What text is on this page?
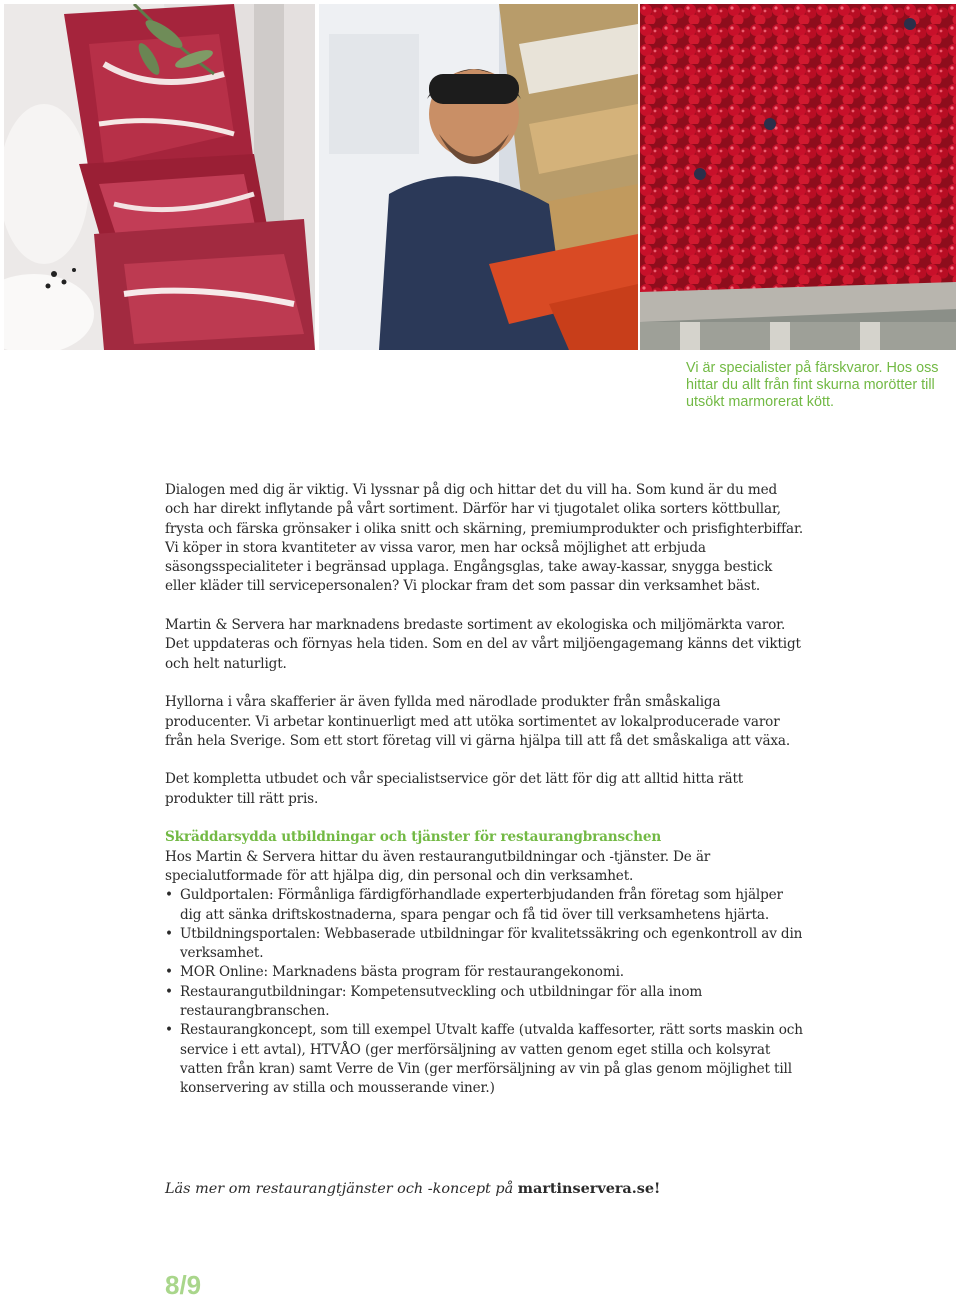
Vi är specialister på färskvaror. Hos oss hittar du allt från fint skurna morötter till utsökt marmorerat kött.

Dialogen med dig är viktig. Vi lyssnar på dig och hittar det du vill ha. Som kund är du med och har direkt inflytande på vårt sortiment. Därför har vi tjugotalet olika sorters köttbullar, frysta och färska grönsaker i olika snitt och skärning, premiumprodukter och prisfighterbiffar. Vi köper in stora kvantiteter av vissa varor, men har också möjlighet att erbjuda säsongsspecialiteter i begränsad upplaga. Engångsglas, take away-kassar, snygga bestick eller kläder till servicepersonalen? Vi plockar fram det som passar din verksamhet bäst.

Martin & Servera har marknadens bredaste sortiment av ekologiska och miljömärkta varor. Det uppdateras och förnyas hela tiden. Som en del av vårt miljöengagemang känns det viktigt och helt naturligt.

Hyllorna i våra skafferier är även fyllda med närodlade produkter från småskaliga producenter. Vi arbetar kontinuerligt med att utöka sortimentet av lokalproducerade varor från hela Sverige. Som ett stort företag vill vi gärna hjälpa till att få det småskaliga att växa.

Det kompletta utbudet och vår specialistservice gör det lätt för dig att alltid hitta rätt produkter till rätt pris.

Skräddarsydda utbildningar och tjänster för restaurangbranschen
Hos Martin & Servera hittar du även restaurangutbildningar och -tjänster. De är specialutformade för att hjälpa dig, din personal och din verksamhet.
• Guldportalen: Förmånliga färdigförhandlade experterbjudanden från företag som hjälper dig att sänka driftskostnaderna, spara pengar och få tid över till verksamhetens hjärta.
• Utbildningsportalen: Webbaserade utbildningar för kvalitetssäkring och egenkontroll av din verksamhet.
• MOR Online: Marknadens bästa program för restaurangekonomi.
• Restaurangutbildningar: Kompetensutveckling och utbildningar för alla inom restaurangbranschen.
• Restaurangkoncept, som till exempel Utvalt kaffe (utvalda kaffesorter, rätt sorts maskin och service i ett avtal), HTVÅO (ger merförsäljning av vatten genom eget stilla och kolsyrat vatten från kran) samt Verre de Vin (ger merförsäljning av vin på glas genom möjlighet till konservering av stilla och mousserande viner.)
Läs mer om restaurangtjänster och -koncept på martinservera.se!
8/9
